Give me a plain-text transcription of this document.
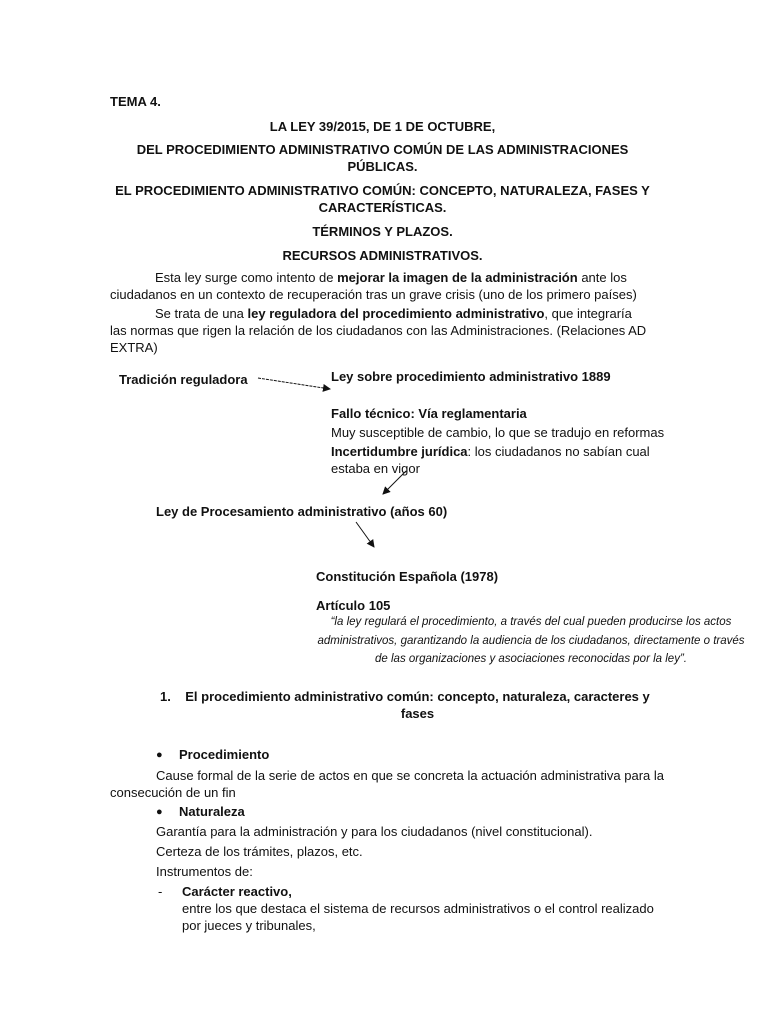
TEMA 4.
LA LEY 39/2015, DE 1 DE OCTUBRE,
DEL PROCEDIMIENTO ADMINISTRATIVO COMÚN DE LAS ADMINISTRACIONES PÚBLICAS.
EL PROCEDIMIENTO ADMINISTRATIVO COMÚN: CONCEPTO, NATURALEZA, FASES Y CARACTERÍSTICAS.
TÉRMINOS Y PLAZOS.
RECURSOS ADMINISTRATIVOS.
Esta ley surge como intento de mejorar la imagen de la administración ante los ciudadanos en un contexto de recuperación tras un grave crisis (uno de los primero países)
Se trata de una ley reguladora del procedimiento administrativo, que integraría las normas que rigen la relación de los ciudadanos con las Administraciones. (Relaciones AD EXTRA)
Tradición reguladora	Ley sobre procedimiento administrativo 1889
Fallo técnico: Vía reglamentaria
Muy susceptible de cambio, lo que se tradujo en reformas
Incertidumbre jurídica: los ciudadanos no sabían cual estaba en vigor
Ley de Procesamiento administrativo (años 60)
Constitución Española (1978)
Artículo 105
“la ley regulará el procedimiento, a través del cual pueden producirse los actos administrativos, garantizando la audiencia de los ciudadanos, directamente o través de las organizaciones y asociaciones reconocidas por la ley”.
1.	El procedimiento administrativo común: concepto, naturaleza, caracteres y fases
● Procedimiento
Cause formal de la serie de actos en que se concreta la actuación administrativa para la consecución de un fin
● Naturaleza
Garantía para la administración y para los ciudadanos (nivel constitucional).
Certeza de los trámites, plazos, etc.
Instrumentos de:
- Carácter reactivo,
entre los que destaca el sistema de recursos administrativos o el control realizado por jueces y tribunales,
